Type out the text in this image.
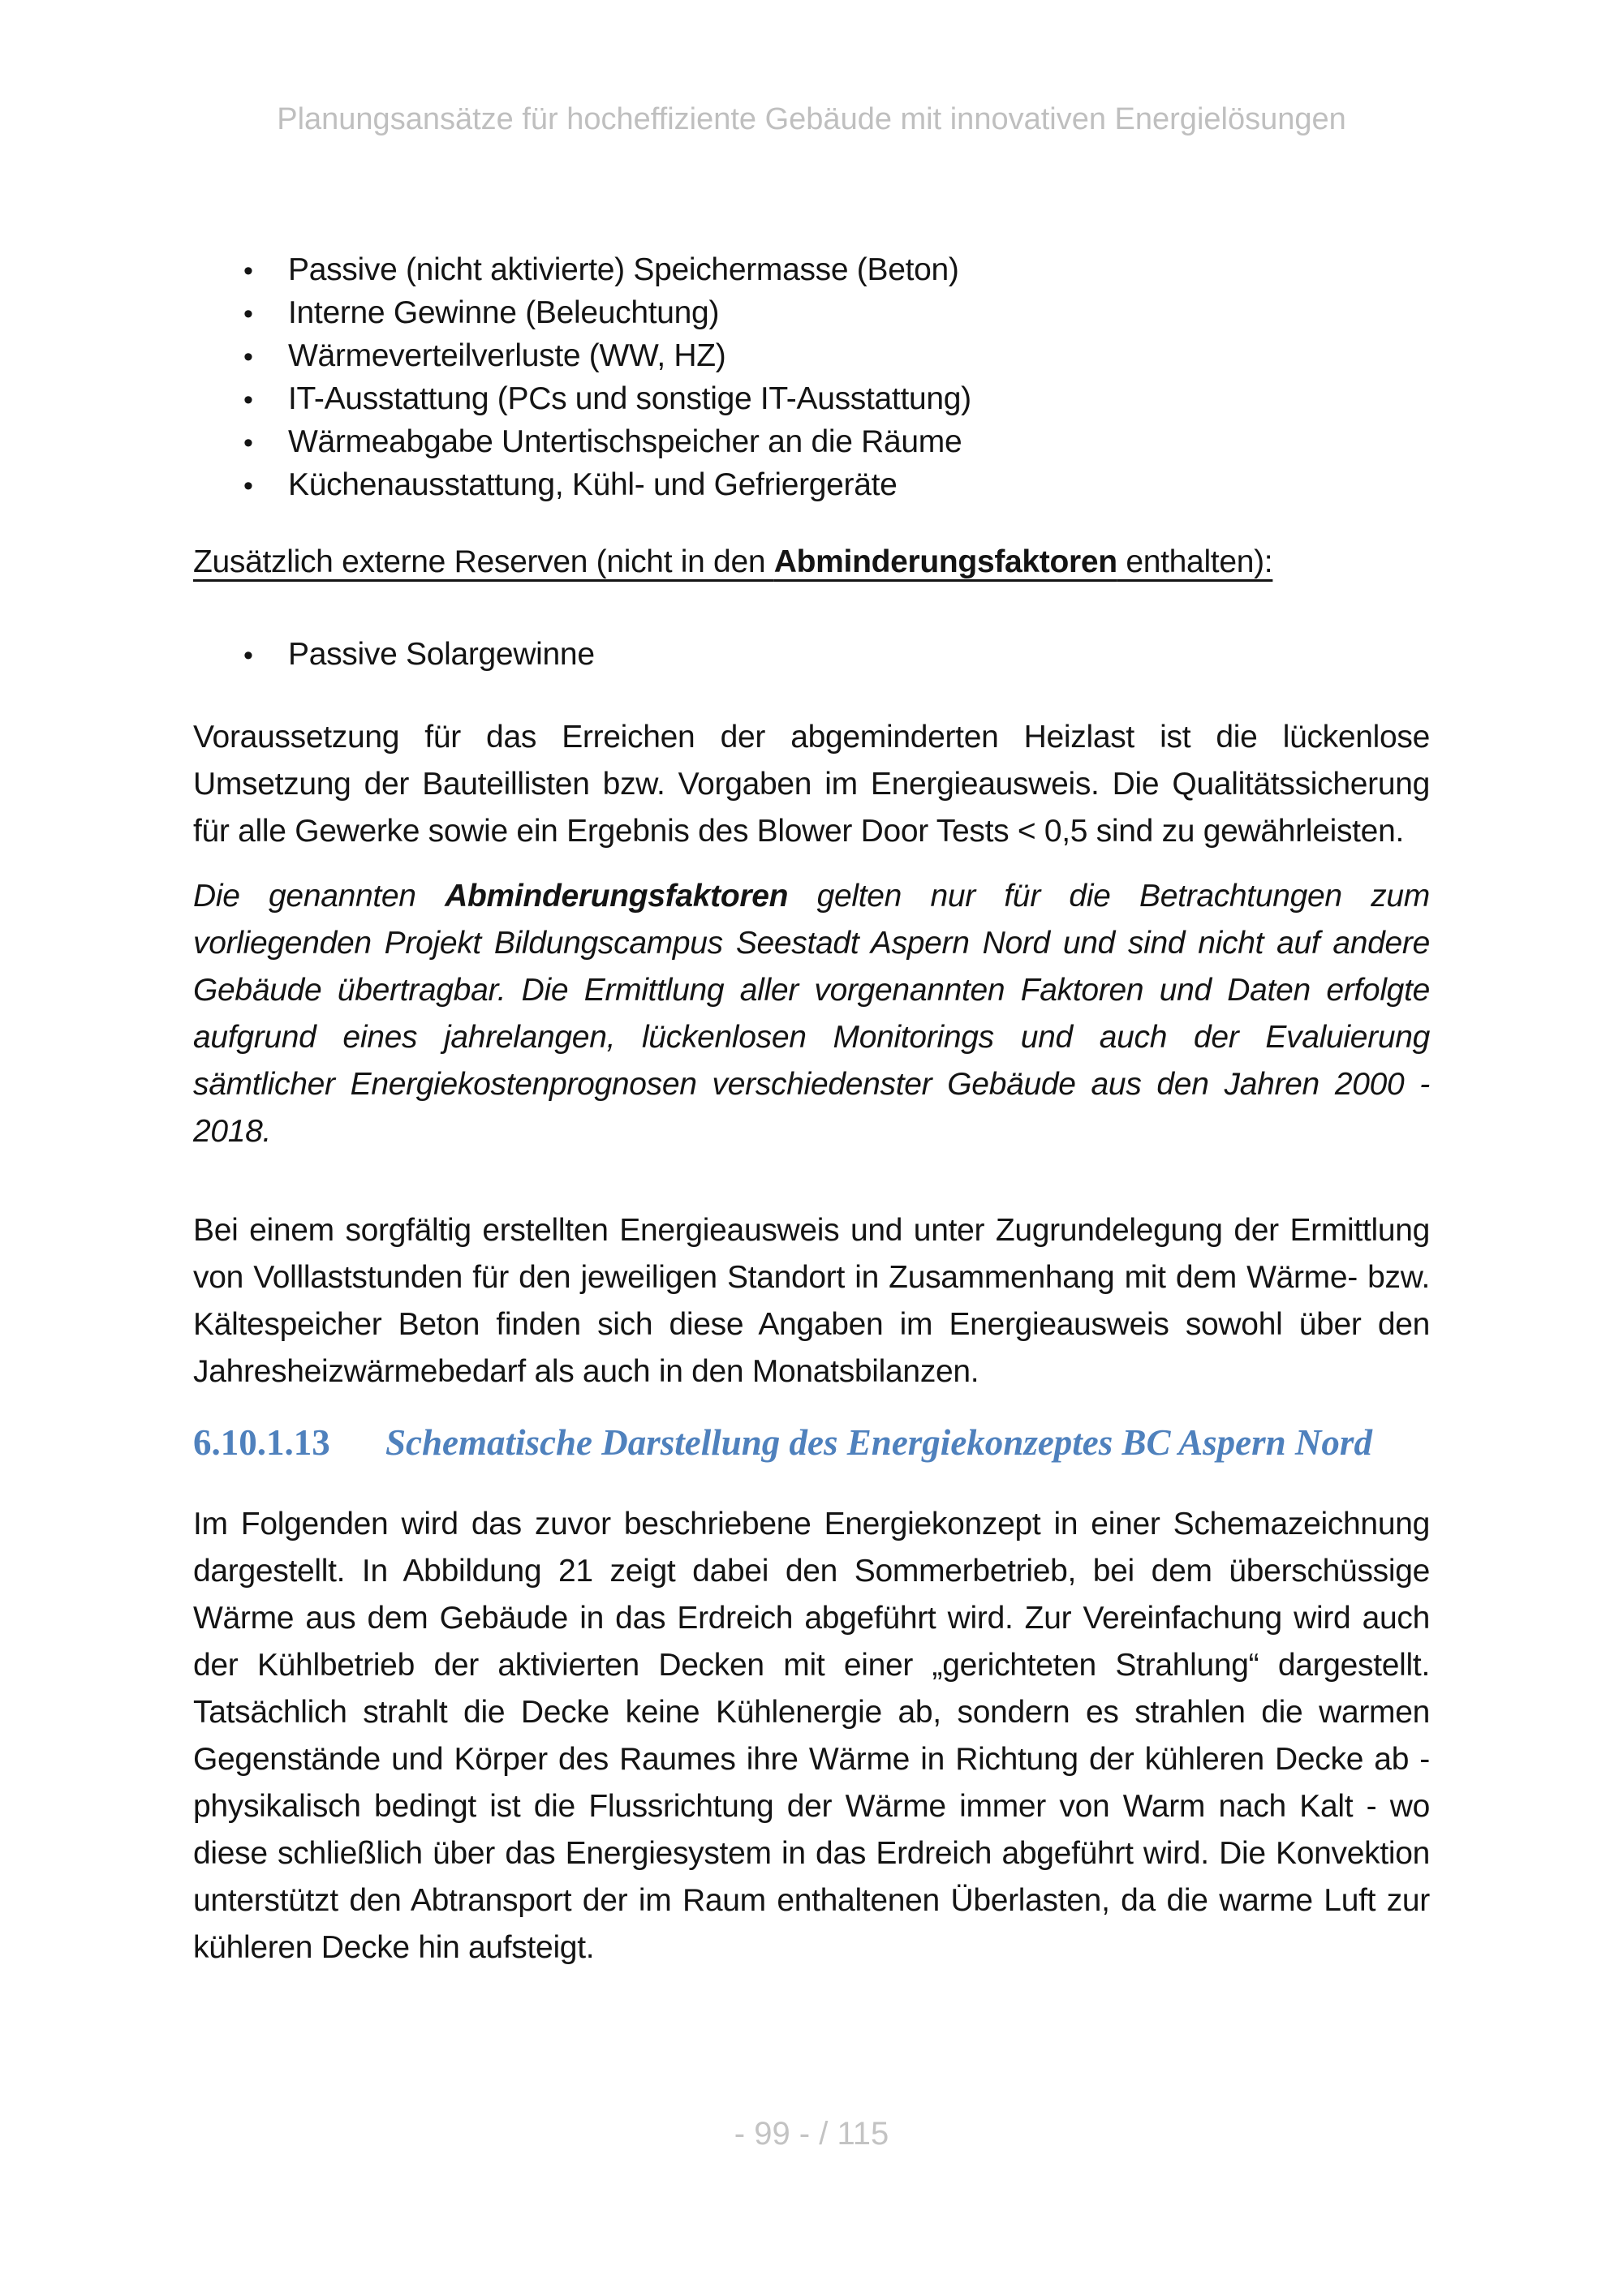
Planungsansätze für hocheffiziente Gebäude mit innovativen Energielösungen
•	Passive (nicht aktivierte) Speichermasse (Beton)
•	Interne Gewinne (Beleuchtung)
•	Wärmeverteilverluste (WW, HZ)
•	IT-Ausstattung (PCs und sonstige IT-Ausstattung)
•	Wärmeabgabe Untertischspeicher an die Räume
•	Küchenausstattung, Kühl- und Gefriergeräte
Zusätzlich externe Reserven (nicht in den Abminderungsfaktoren enthalten):
•	Passive Solargewinne

Voraussetzung für das Erreichen der abgeminderten Heizlast ist die lückenlose Umsetzung der Bauteillisten bzw. Vorgaben im Energieausweis. Die Qualitätssicherung für alle Gewerke sowie ein Ergebnis des Blower Door Tests < 0,5 sind zu gewährleisten.

Die genannten Abminderungsfaktoren gelten nur für die Betrachtungen zum vorliegenden Projekt Bildungscampus Seestadt Aspern Nord und sind nicht auf andere Gebäude übertragbar. Die Ermittlung aller vorgenannten Faktoren und Daten erfolgte aufgrund eines jahrelangen, lückenlosen Monitorings und auch der Evaluierung sämtlicher Energiekostenprognosen verschiedenster Gebäude aus den Jahren 2000 - 2018.

Bei einem sorgfältig erstellten Energieausweis und unter Zugrundelegung der Ermittlung von Volllaststunden für den jeweiligen Standort in Zusammenhang mit dem Wärme- bzw. Kältespeicher Beton finden sich diese Angaben im Energieausweis sowohl über den Jahresheizwärmebedarf als auch in den Monatsbilanzen.

6.10.1.13 Schematische Darstellung des Energiekonzeptes BC Aspern Nord

Im Folgenden wird das zuvor beschriebene Energiekonzept in einer Schemazeichnung dargestellt. In Abbildung 21 zeigt dabei den Sommerbetrieb, bei dem überschüssige Wärme aus dem Gebäude in das Erdreich abgeführt wird. Zur Vereinfachung wird auch der Kühlbetrieb der aktivierten Decken mit einer „gerichteten Strahlung“ dargestellt. Tatsächlich strahlt die Decke keine Kühlenergie ab, sondern es strahlen die warmen Gegenstände und Körper des Raumes ihre Wärme in Richtung der kühleren Decke ab - physikalisch bedingt ist die Flussrichtung der Wärme immer von Warm nach Kalt - wo diese schließlich über das Energiesystem in das Erdreich abgeführt wird. Die Konvektion unterstützt den Abtransport der im Raum enthaltenen Überlasten, da die warme Luft zur kühleren Decke hin aufsteigt.

- 99 - / 115
